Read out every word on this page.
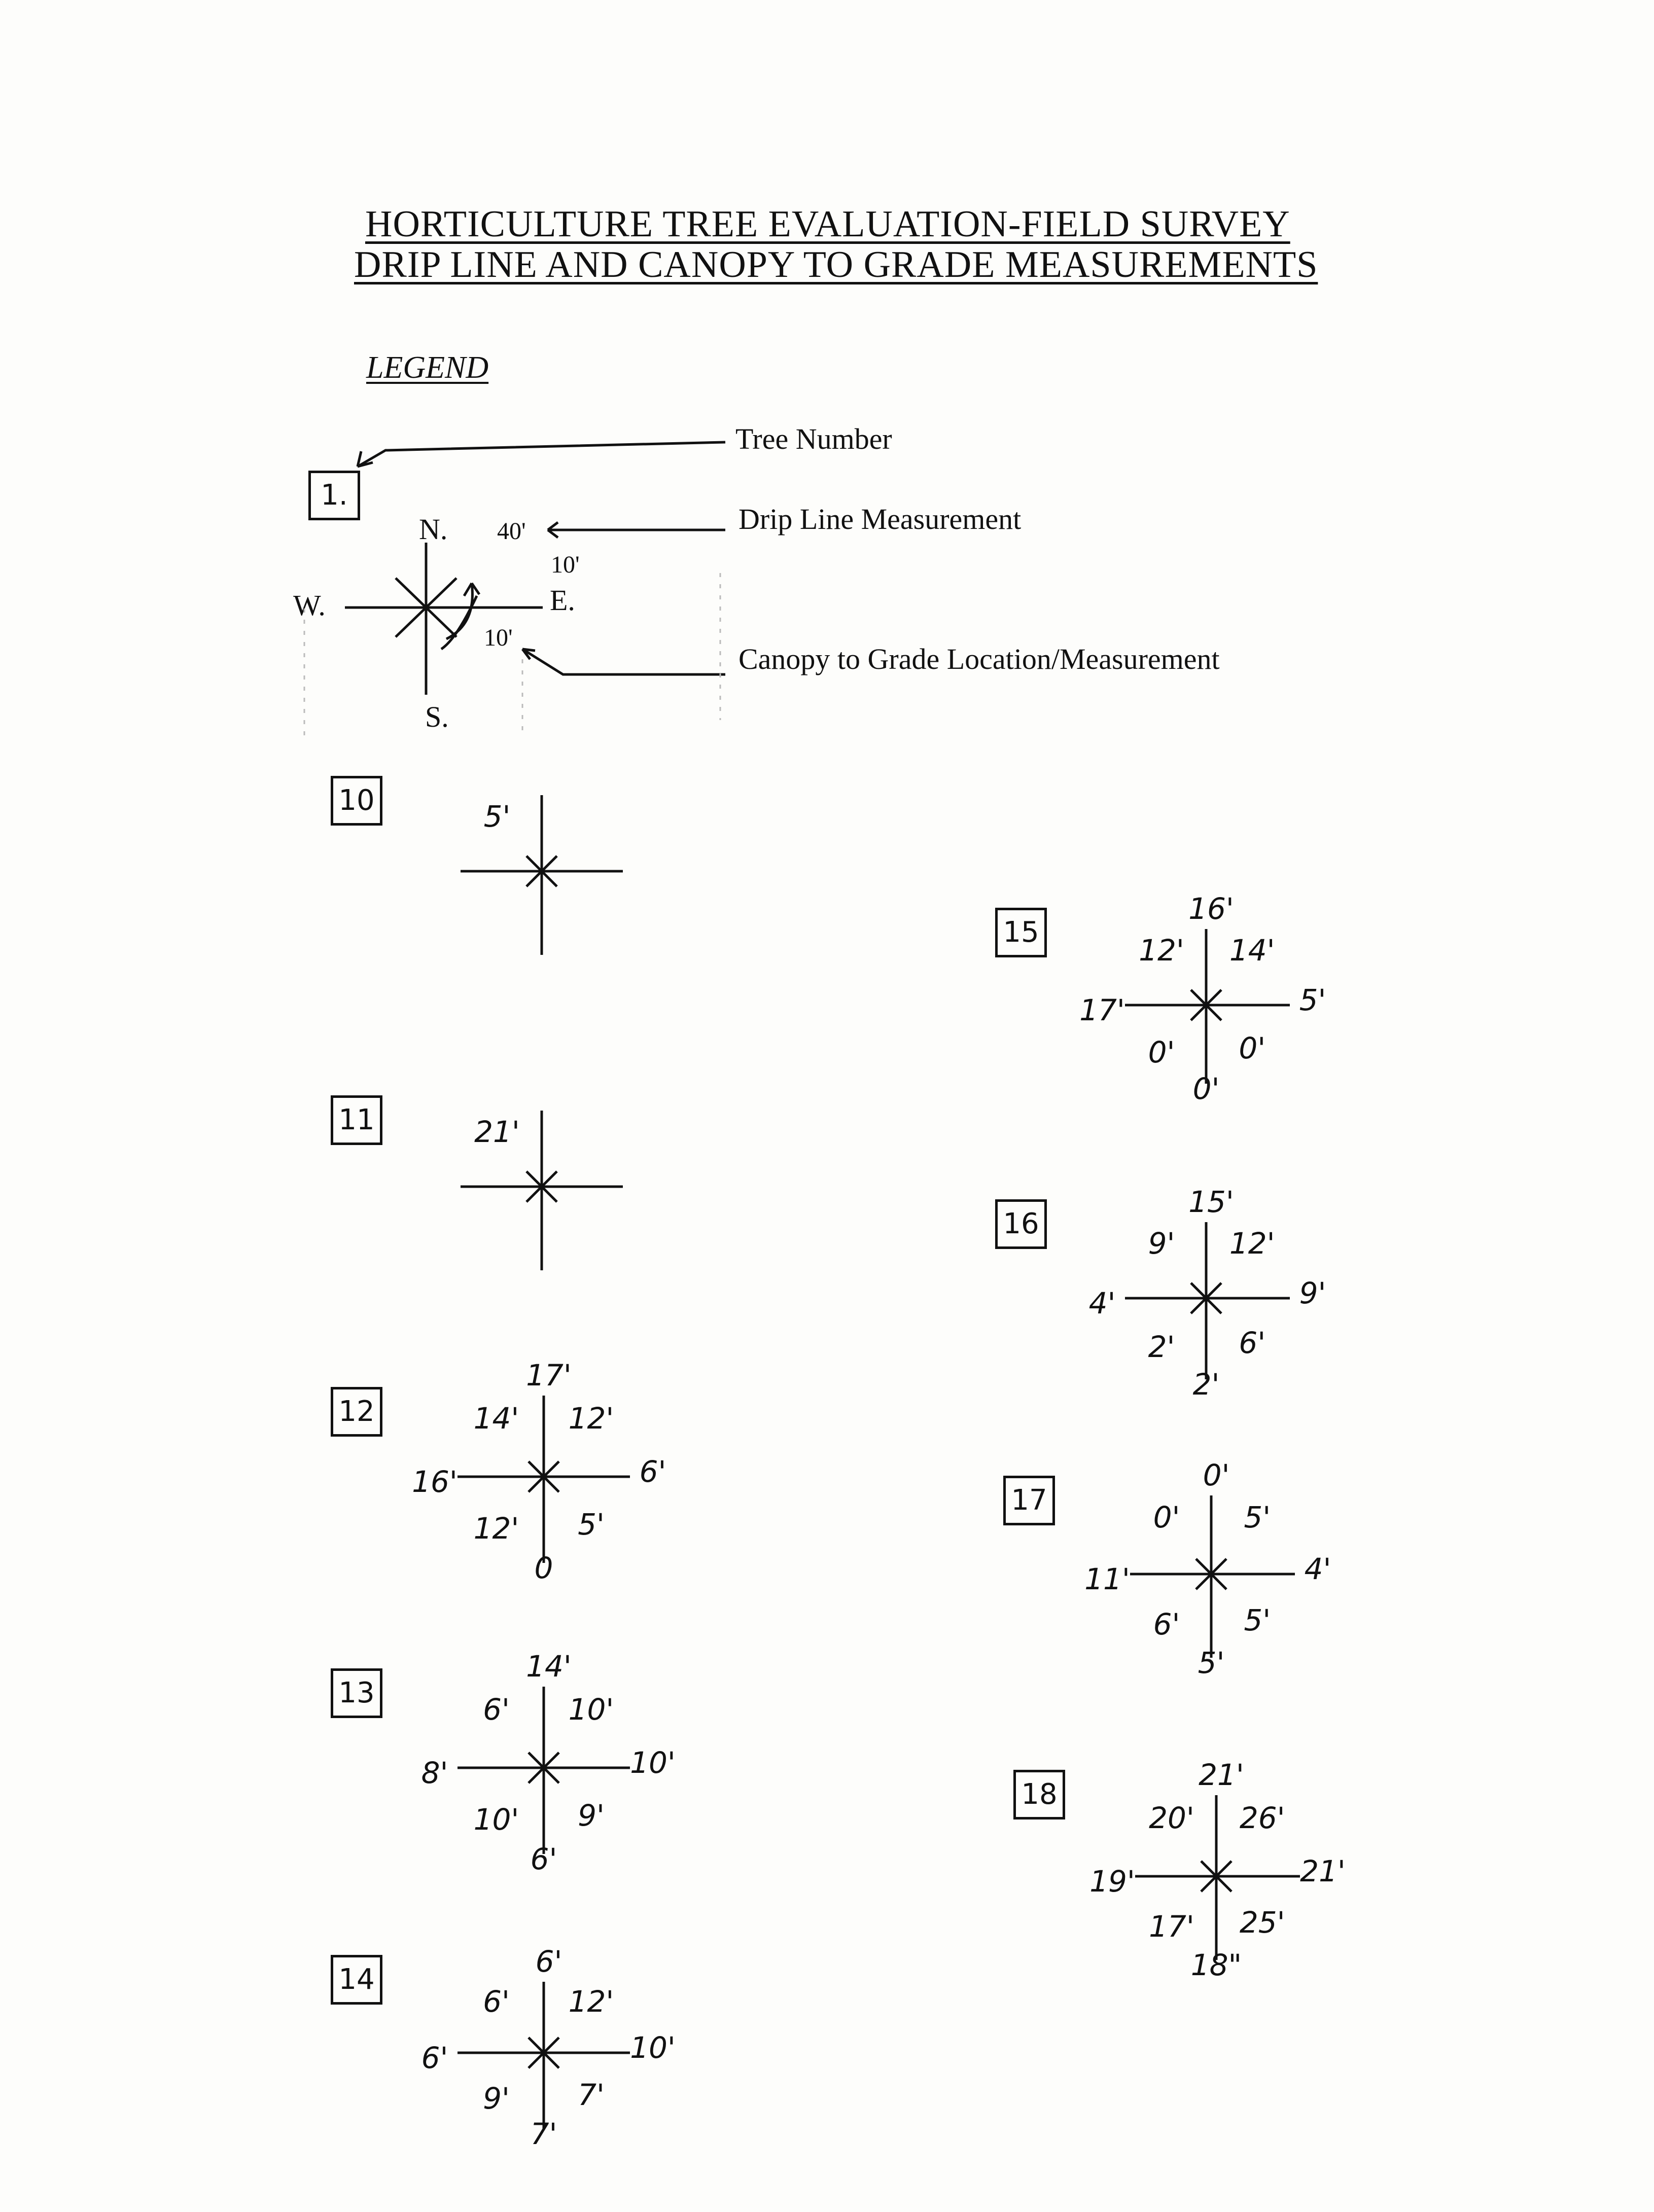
HORTICULTURE TREE EVALUATION-FIELD SURVEY
DRIP LINE AND CANOPY TO GRADE MEASUREMENTS
LEGEND
1.
N.
W.	E.
S.
40'
10'
10'
Tree Number
Drip Line Measurement
Canopy to Grade Location/Measurement
10	5'
11	21'
12	14'
17'
12'
16'	6'
12'
0
5'
13	6'
14'
10'
8'	10'
10'
6'
9'
14
6'
6'
12'
6'	10'
9'
7'
7'
15
12'
16'
14'
17'	5'
0'
0'
0'
16
9'
15'
12'
4'	9'
2'
2'
6'
17	0'
0'
5'
11'	4'
6'
5'
5'
18
20'
21'
26'
19'	21'
17'
18"
25'
